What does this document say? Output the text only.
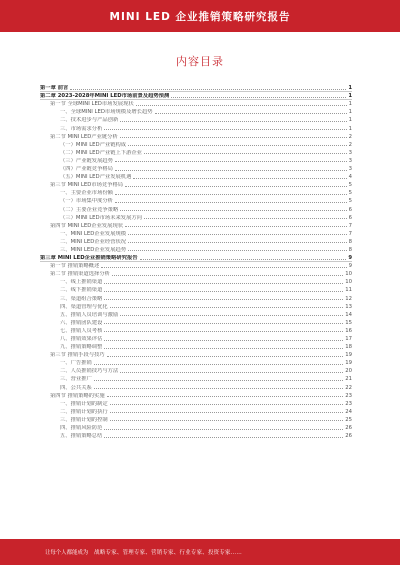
MINI LED 企业推销策略研究报告
内容目录
第一章 前言	1
第二章 2023-2028年MINI LED市场前景及趋势预测	1
第一节 全球MINI LED市场发展现状	1
一、全球MINI LED市场规模及增长趋势	1
二、技术进步与产品创新	1
三、市场需求分析	1
第二节 MINI LED产业链分析	2
（一）MINI LED产业链构成	2
（二）MINI LED产业链上下游企业	3
（三）产业链发展趋势	3
（四）产业链竞争格局	3
（五）MINI LED产业发展机遇	4
第三节 MINI LED市场竞争格局	5
一、主要企业市场份额	5
（一）市场集中度分析	5
（二）主要企业竞争策略	6
（三）MINI LED市场未来发展方向	6
第四节 MINI LED企业发展现状	7
一、MINI LED企业发展规模	7
二、MINI LED企业经营状况	8
三、MINI LED企业发展趋势	8
第三章 MINI LED企业推销策略研究报告	9
第一节 推销策略概述	9
第二节 推销渠道选择分析	10
一、线上推销渠道	10
二、线下推销渠道	11
三、渠道组合策略	12
四、渠道管理与优化	13
五、推销人员培训与激励	14
六、推销团队建设	15
七、推销人员考核	16
八、推销效果评估	17
九、推销策略调整	18
第三节 推销手段与技巧	19
一、广告推销	19
二、人员推销技巧与方法	20
三、营业推广	21
四、公共关系	22
第四节 推销策略的实施	23
一、推销计划的制定	23
二、推销计划的执行	24
三、推销计划的控制	25
四、推销风险防范	26
五、推销策略总结	26
让每个人都能成为 战略专家、管理专家、营销专家、行业专家、投资专家……
